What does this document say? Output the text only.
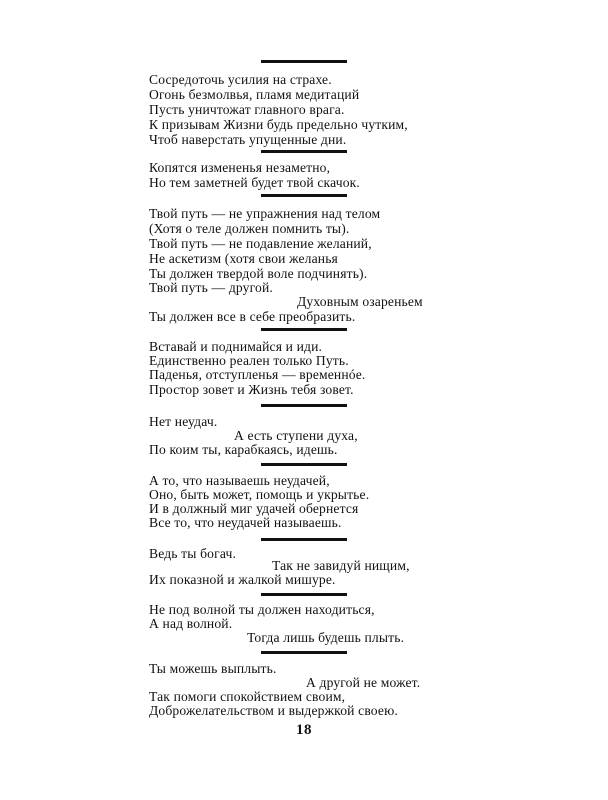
Сосредоточь усилия на страхе.
Огонь безмолвья, пламя медитаций
Пусть уничтожат главного врага.
К призывам Жизни будь предельно чутким,
Чтоб наверстать упущенные дни.
Копятся измененья незаметно,
Но тем заметней будет твой скачок.
Твой путь — не упражнения над телом
(Хотя о теле должен помнить ты).
Твой путь — не подавление желаний,
Не аскетизм (хотя свои желанья
Ты должен твердой воле подчинять).
Твой путь — другой.
Духовным озареньем
Ты должен все в себе преобразить.
Вставай и поднимайся и иди.
Единственно реален только Путь.
Паденья, отступленья — временнóе.
Простор зовет и Жизнь тебя зовет.
Нет неудач.
А есть ступени духа,
По коим ты, карабкаясь, идешь.
А то, что называешь неудачей,
Оно, быть может, помощь и укрытье.
И в должный миг удачей обернется
Все то, что неудачей называешь.
Ведь ты богач.
Так не завидуй нищим,
Их показной и жалкой мишуре.
Не под волной ты должен находиться,
А над волной.
Тогда лишь будешь плыть.
Ты можешь выплыть.
А другой не может.
Так помоги спокойствием своим,
Доброжелательством и выдержкой своею.
18
